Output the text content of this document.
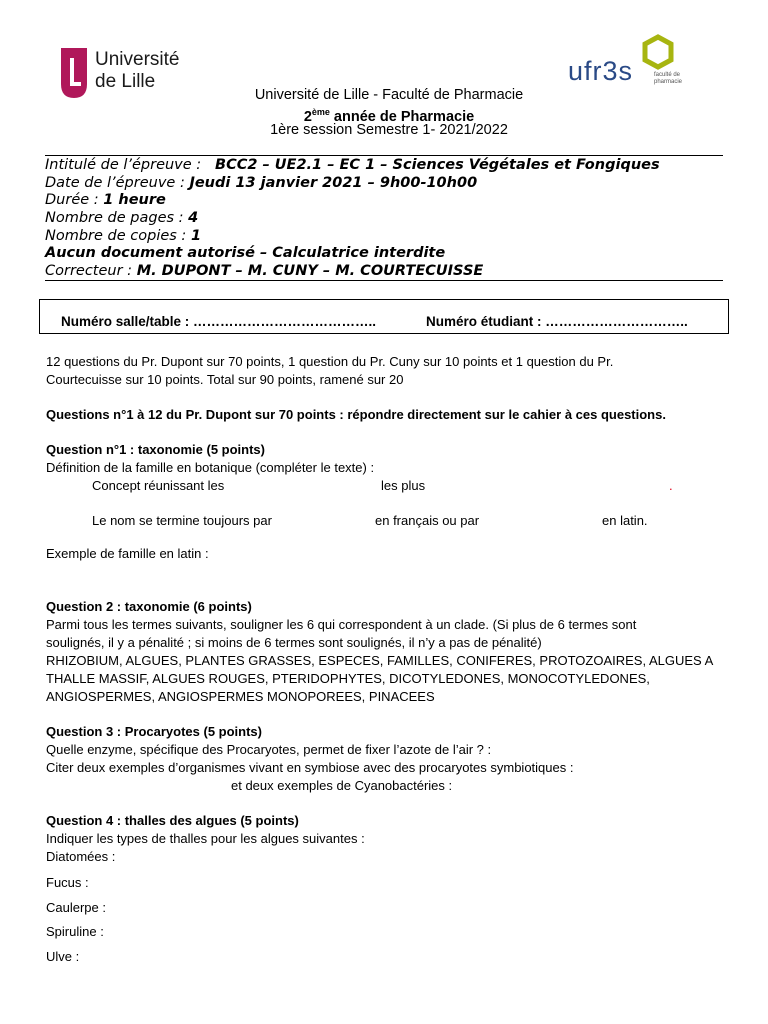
Université
de Lille	ufr3s	faculté de pharmacie
Université de Lille - Faculté de Pharmacie
2ème année de Pharmacie
1ère session Semestre 1- 2021/2022
Intitulé de l’épreuve : BCC2 – UE2.1 – EC 1 – Sciences Végétales et Fongiques
Date de l’épreuve : Jeudi 13 janvier 2021 – 9h00-10h00
Durée : 1 heure
Nombre de pages : 4
Nombre de copies : 1
Aucun document autorisé – Calculatrice interdite
Correcteur : M. DUPONT – M. CUNY – M. COURTECUISSE
Numéro salle/table : …………………………………..	Numéro étudiant : …………………………..
12 questions du Pr. Dupont sur 70 points, 1 question du Pr. Cuny sur 10 points et 1 question du Pr.
Courtecuisse sur 10 points. Total sur 90 points, ramené sur 20
Questions n°1 à 12 du Pr. Dupont sur 70 points : répondre directement sur le cahier à ces questions.
Question n°1 : taxonomie (5 points)
Définition de la famille en botanique (compléter le texte) :
Concept réunissant les	les plus	.
Le nom se termine toujours par	en français ou par	en latin.
Exemple de famille en latin :
Question 2 : taxonomie (6 points)
Parmi tous les termes suivants, souligner les 6 qui correspondent à un clade. (Si plus de 6 termes sont
soulignés, il y a pénalité ; si moins de 6 termes sont soulignés, il n’y a pas de pénalité)
RHIZOBIUM, ALGUES, PLANTES GRASSES, ESPECES, FAMILLES, CONIFERES, PROTOZOAIRES, ALGUES A
THALLE MASSIF, ALGUES ROUGES, PTERIDOPHYTES, DICOTYLEDONES, MONOCOTYLEDONES,
ANGIOSPERMES, ANGIOSPERMES MONOPOREES, PINACEES
Question 3 : Procaryotes (5 points)
Quelle enzyme, spécifique des Procaryotes, permet de fixer l’azote de l’air ? :
Citer deux exemples d’organismes vivant en symbiose avec des procaryotes symbiotiques :
et deux exemples de Cyanobactéries :
Question 4 : thalles des algues (5 points)
Indiquer les types de thalles pour les algues suivantes :
Diatomées :
Fucus :
Caulerpe :
Spiruline :
Ulve :
